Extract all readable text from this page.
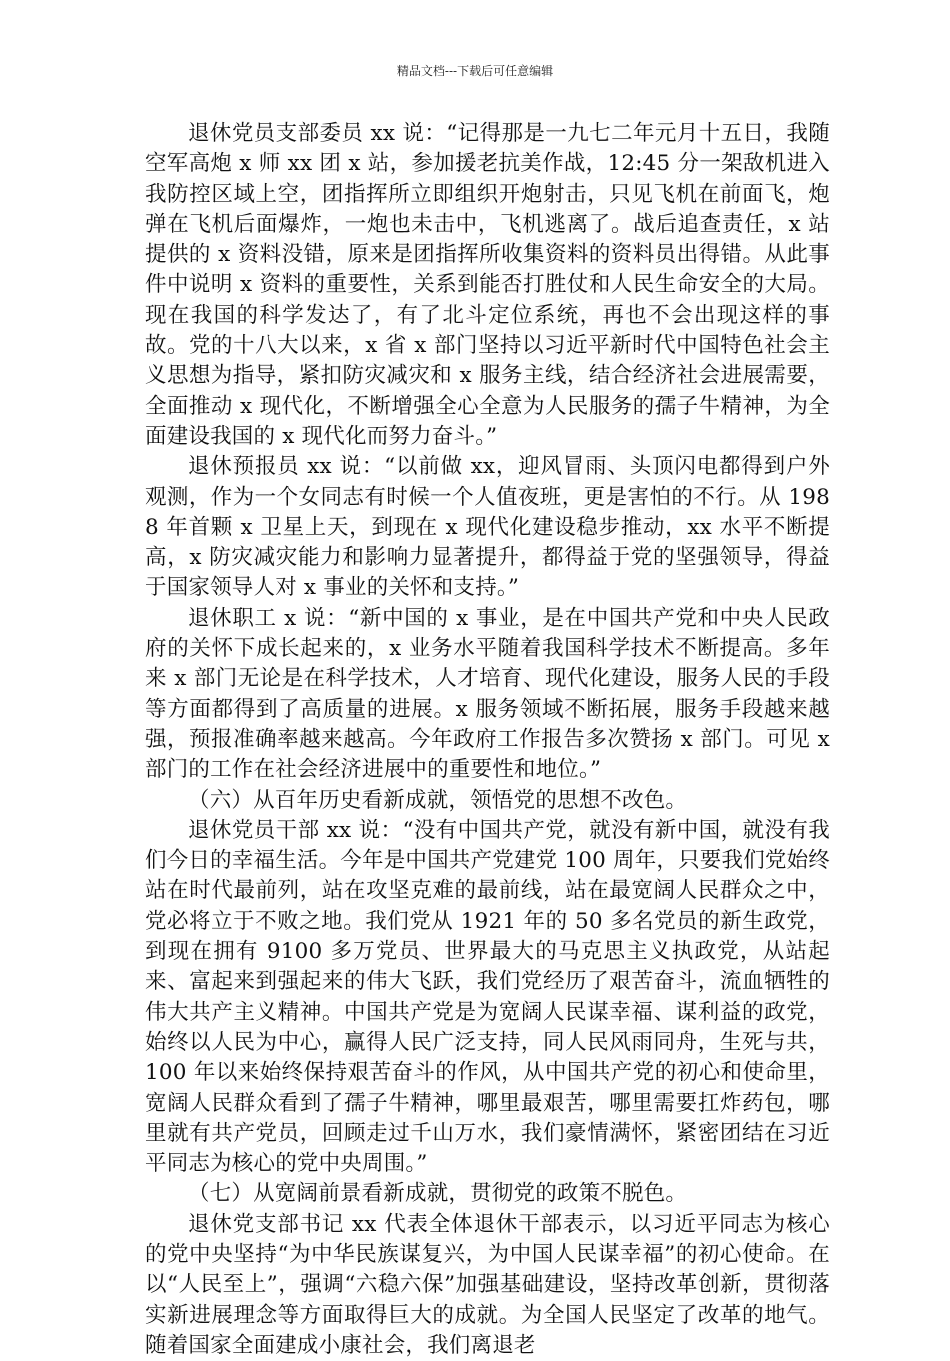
精品文档---下载后可任意编辑

退休党员支部委员 xx 说：“记得那是一九七二年元月十五日，我随空军高炮 x 师 xx 团 x 站，参加援老抗美作战，12:45 分一架敌机进入我防控区域上空，团指挥所立即组织开炮射击，只见飞机在前面飞，炮弹在飞机后面爆炸，一炮也未击中，飞机逃离了。战后追查责任，x 站提供的 x 资料没错，原来是团指挥所收集资料的资料员出得错。从此事件中说明 x 资料的重要性，关系到能否打胜仗和人民生命安全的大局。现在我国的科学发达了，有了北斗定位系统，再也不会出现这样的事故。党的十八大以来，x 省 x 部门坚持以习近平新时代中国特色社会主义思想为指导，紧扣防灾减灾和 x 服务主线，结合经济社会进展需要，全面推动 x 现代化，不断增强全心全意为人民服务的孺子牛精神，为全面建设我国的 x 现代化而努力奋斗。”

退休预报员 xx 说：“以前做 xx，迎风冒雨、头顶闪电都得到户外观测，作为一个女同志有时候一个人值夜班，更是害怕的不行。从 1988 年首颗 x 卫星上天，到现在 x 现代化建设稳步推动，xx 水平不断提高，x 防灾减灾能力和影响力显著提升，都得益于党的坚强领导，得益于国家领导人对 x 事业的关怀和支持。”

退休职工 x 说：“新中国的 x 事业，是在中国共产党和中央人民政府的关怀下成长起来的，x 业务水平随着我国科学技术不断提高。多年来 x 部门无论是在科学技术，人才培育、现代化建设，服务人民的手段等方面都得到了高质量的进展。x 服务领域不断拓展，服务手段越来越强，预报准确率越来越高。今年政府工作报告多次赞扬 x 部门。可见 x 部门的工作在社会经济进展中的重要性和地位。”

（六）从百年历史看新成就，领悟党的思想不改色。

退休党员干部 xx 说：“没有中国共产党，就没有新中国，就没有我们今日的幸福生活。今年是中国共产党建党 100 周年，只要我们党始终站在时代最前列，站在攻坚克难的最前线，站在最宽阔人民群众之中，党必将立于不败之地。我们党从 1921 年的 50 多名党员的新生政党，到现在拥有 9100 多万党员、世界最大的马克思主义执政党，从站起来、富起来到强起来的伟大飞跃，我们党经历了艰苦奋斗，流血牺牲的伟大共产主义精神。中国共产党是为宽阔人民谋幸福、谋利益的政党，始终以人民为中心，赢得人民广泛支持，同人民风雨同舟，生死与共，100 年以来始终保持艰苦奋斗的作风，从中国共产党的初心和使命里，宽阔人民群众看到了孺子牛精神，哪里最艰苦，哪里需要扛炸药包，哪里就有共产党员，回顾走过千山万水，我们豪情满怀，紧密团结在习近平同志为核心的党中央周围。”

（七）从宽阔前景看新成就，贯彻党的政策不脱色。

退休党支部书记 xx 代表全体退休干部表示，以习近平同志为核心的党中央坚持“为中华民族谋复兴，为中国人民谋幸福”的初心使命。在以“人民至上”，强调“六稳六保”加强基础建设，坚持改革创新，贯彻落实新进展理念等方面取得巨大的成就。为全国人民坚定了改革的地气。随着国家全面建成小康社会，我们离退老
